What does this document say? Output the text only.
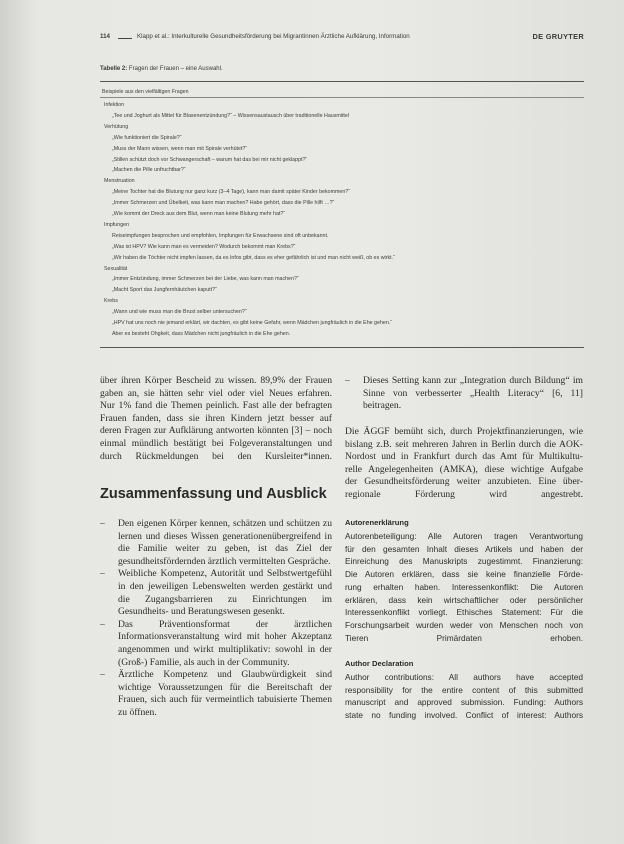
114	Klapp et al.: Interkulturelle Gesundheitsförderung bei Migrantinnen Ärztliche Aufklärung, Information	DE GRUYTER
Tabelle 2: Fragen der Frauen – eine Auswahl.
Beispiele aus den vielfältigen Fragen
Infektion
„Tee und Joghurt als Mittel für Blasenentzündung?“ – Wissensaustausch über traditionelle Hausmittel
Verhütung
„Wie funktioniert die Spirale?“
„Muss der Mann wissen, wenn man mit Spirale verhütet?“
„Stillen schützt doch vor Schwangerschaft – warum hat das bei mir nicht geklappt?“
„Machen die Pille unfruchtbar?“
Menstruation
„Meine Tochter hat die Blutung nur ganz kurz (3–4 Tage), kann man damit später Kinder bekommen?“
„Immer Schmerzen und Übelkeit, was kann man machen? Habe gehört, dass die Pille hilft …?“
„Wie kommt der Dreck aus dem Blut, wenn man keine Blutung mehr hat?“
Impfungen
Reiseimpfungen besprochen und empfohlen, Impfungen für Erwachsene sind oft unbekannt.
„Was ist HPV? Wie kann man es vermeiden? Wodurch bekommt man Krebs?“
„Wir haben die Töchter nicht impfen lassen, da es Infos gibt, dass es eher gefährlich ist und man nicht weiß, ob es wirkt.“
Sexualität
„Immer Entzündung, immer Schmerzen bei der Liebe, was kann man machen?“
„Macht Sport das Jungfernhäutchen kaputt?“
Krebs
„Wann und wie muss man die Brust selber untersuchen?“
„HPV hat uns noch nie jemand erklärt, wir dachten, es gibt keine Gefahr, wenn Mädchen jungfräulich in die Ehe gehen.“
Aber es besteht Ohgkeit, dass Mädchen nicht jungfräulich in die Ehe gehen.
über ihren Körper Bescheid zu wissen. 89,9% der Frauen
gaben an, sie hätten sehr viel oder viel Neues erfahren.
Nur 1% fand die Themen peinlich. Fast alle der befragten
Frauen fanden, dass sie ihren Kindern jetzt besser auf
deren Fragen zur Aufklärung antworten könnten [3] – noch
einmal mündlich bestätigt bei Folgeveranstaltungen und
durch Rückmeldungen bei den Kursleiter*innen.
Zusammenfassung und Ausblick
– Den eigenen Körper kennen, schätzen und schützen zu lernen und dieses Wissen generationenübergreifend in die Familie weiter zu geben, ist das Ziel der gesundheitsfördernden ärztlich vermittelten Gespräche.
– Weibliche Kompetenz, Autorität und Selbstwertgefühl in den jeweiligen Lebenswelten werden gestärkt und die Zugangsbarrieren zu Einrichtungen im Gesundheits- und Beratungswesen gesenkt.
– Das Präventionsformat der ärztlichen Informationsveranstaltung wird mit hoher Akzeptanz angenommen und wirkt multiplikativ: sowohl in der (Groß-) Familie, als auch in der Community.
– Ärztliche Kompetenz und Glaubwürdigkeit sind wichtige Voraussetzungen für die Bereitschaft der Frauen, sich auch für vermeintlich tabuisierte Themen zu öffnen.
– Dieses Setting kann zur „Integration durch Bildung“ im Sinne von verbesserter „Health Literacy“ [6, 11] beitragen.
Die ÄGGF bemüht sich, durch Projektfinanzierungen, wie
bislang z.B. seit mehreren Jahren in Berlin durch die AOK-
Nordost und in Frankfurt durch das Amt für Multikultu-
relle Angelegenheiten (AMKA), diese wichtige Aufgabe
der Gesundheitsförderung weiter anzubieten. Eine über-
regionale Förderung wird angestrebt.
Autorenerklärung
Autorenbeteiligung: Alle Autoren tragen Verantwortung
für den gesamten Inhalt dieses Artikels und haben der
Einreichung des Manuskripts zugestimmt. Finanzierung:
Die Autoren erklären, dass sie keine finanzielle Förde-
rung erhalten haben. Interessenkonflikt: Die Autoren
erklären, dass kein wirtschaftlicher oder persönlicher
Interessenkonflikt vorliegt. Ethisches Statement: Für die
Forschungsarbeit wurden weder von Menschen noch von
Tieren Primärdaten erhoben.
Author Declaration
Author contributions: All authors have accepted
responsibility for the entire content of this submitted
manuscript and approved submission. Funding: Authors
state no funding involved. Conflict of interest: Authors
